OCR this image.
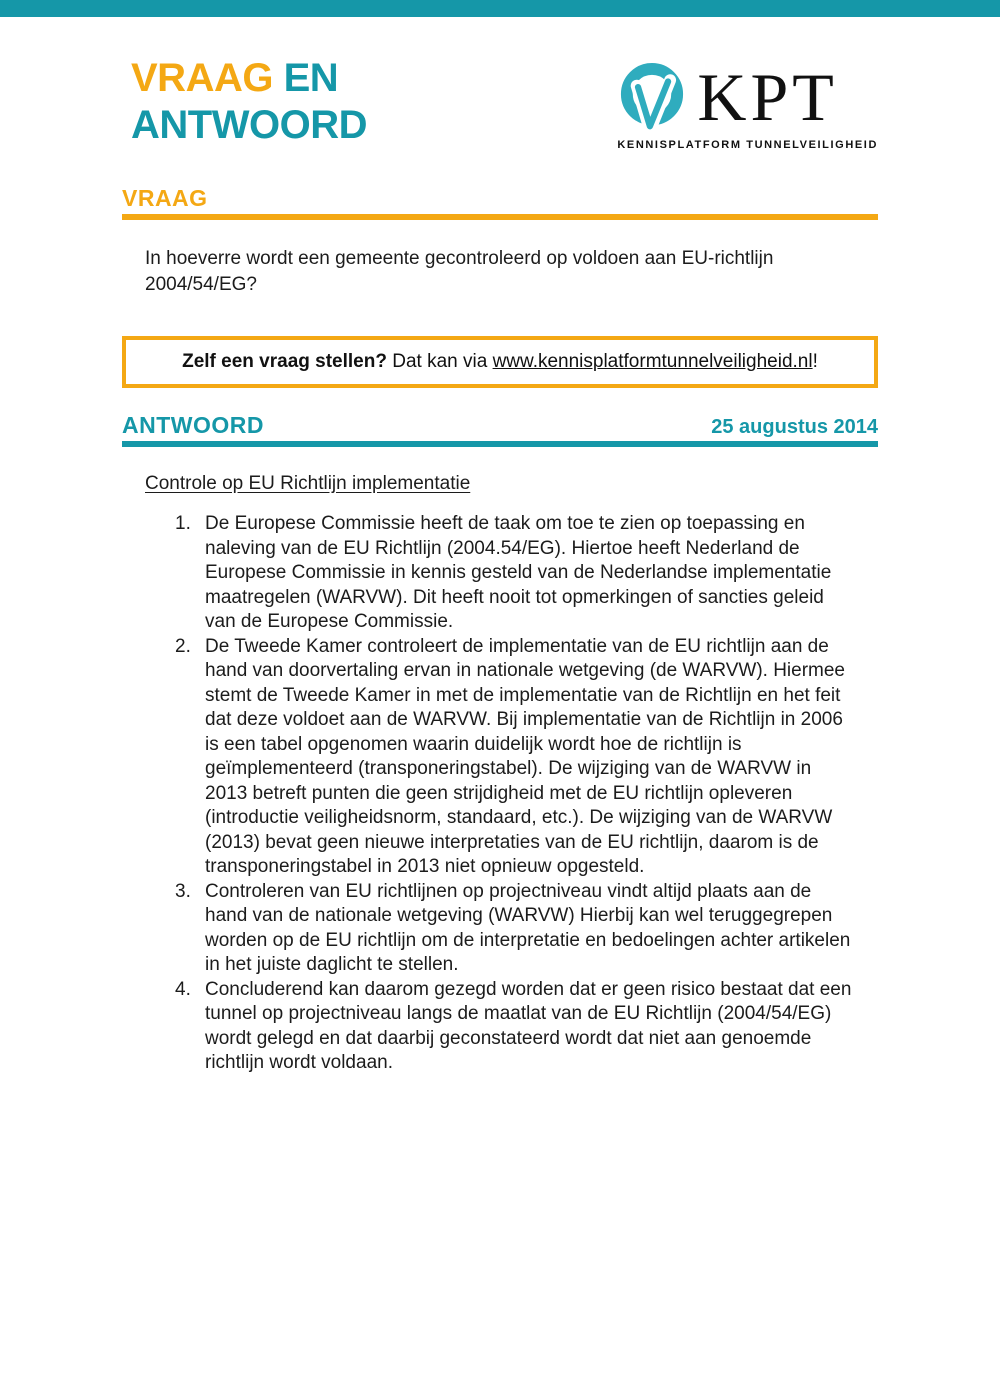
VRAAG EN
ANTWOORD	KPT
KENNISPLATFORM TUNNELVEILIGHEID
VRAAG
In hoeverre wordt een gemeente gecontroleerd op voldoen aan EU-richtlijn 2004/54/EG?
Zelf een vraag stellen? Dat kan via www.kennisplatformtunnelveiligheid.nl!
ANTWOORD	25 augustus 2014
Controle op EU Richtlijn implementatie
De Europese Commissie heeft de taak om toe te zien op toepassing en naleving van de EU Richtlijn (2004.54/EG). Hiertoe heeft Nederland de Europese Commissie in kennis gesteld van de Nederlandse implementatie maatregelen (WARVW). Dit heeft nooit tot opmerkingen of sancties geleid van de Europese Commissie.
De Tweede Kamer controleert de implementatie van de EU richtlijn aan de hand van doorvertaling ervan in nationale wetgeving (de WARVW). Hiermee stemt de Tweede Kamer in met de implementatie van de Richtlijn en het feit dat deze voldoet aan de WARVW. Bij implementatie van de Richtlijn in 2006 is een tabel opgenomen waarin duidelijk wordt hoe de richtlijn is geïmplementeerd (transponeringstabel). De wijziging van de WARVW in 2013 betreft punten die geen strijdigheid met de EU richtlijn opleveren (introductie veiligheidsnorm, standaard, etc.). De wijziging van de WARVW (2013) bevat geen nieuwe interpretaties van de EU richtlijn, daarom is de transponeringstabel in 2013 niet opnieuw opgesteld.
Controleren van EU richtlijnen op projectniveau vindt altijd plaats aan de hand van de nationale wetgeving (WARVW) Hierbij kan wel teruggegrepen worden op de EU richtlijn om de interpretatie en bedoelingen achter artikelen in het juiste daglicht te stellen.
Concluderend kan daarom gezegd worden dat er geen risico bestaat dat een tunnel op projectniveau langs de maatlat van de EU Richtlijn (2004/54/EG) wordt gelegd en dat daarbij geconstateerd wordt dat niet aan genoemde richtlijn wordt voldaan.
